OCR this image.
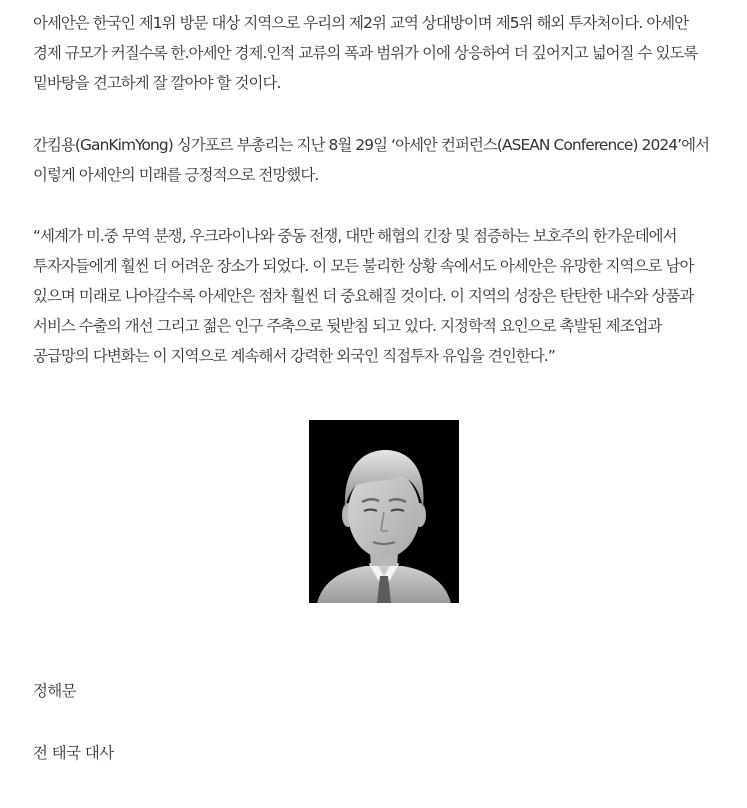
아세안은 한국인 제1위 방문 대상 지역으로 우리의 제2위 교역 상대방이며 제5위 해외 투자처이다. 아세안 경제 규모가 커질수록 한.아세안 경제.인적 교류의 폭과 범위가 이에 상응하여 더 깊어지고 넓어질 수 있도록 밑바탕을 견고하게 잘 깔아야 할 것이다.

간킴용(GanKimYong) 싱가포르 부총리는 지난 8월 29일 ‘아세안 컨퍼런스(ASEAN Conference) 2024’에서 이렇게 아세안의 미래를 긍정적으로 전망했다.

“세계가 미.중 무역 분쟁, 우크라이나와 중동 전쟁, 대만 해협의 긴장 및 점증하는 보호주의 한가운데에서 투자자들에게 훨씬 더 어려운 장소가 되었다. 이 모든 불리한 상황 속에서도 아세안은 유망한 지역으로 남아 있으며 미래로 나아갈수록 아세안은 점차 훨씬 더 중요해질 것이다. 이 지역의 성장은 탄탄한 내수와 상품과 서비스 수출의 개선 그리고 젊은 인구 주축으로 뒷받침 되고 있다. 지정학적 요인으로 촉발된 제조업과 공급망의 다변화는 이 지역으로 계속해서 강력한 외국인 직접투자 유입을 견인한다.”

정해문

전 태국 대사
